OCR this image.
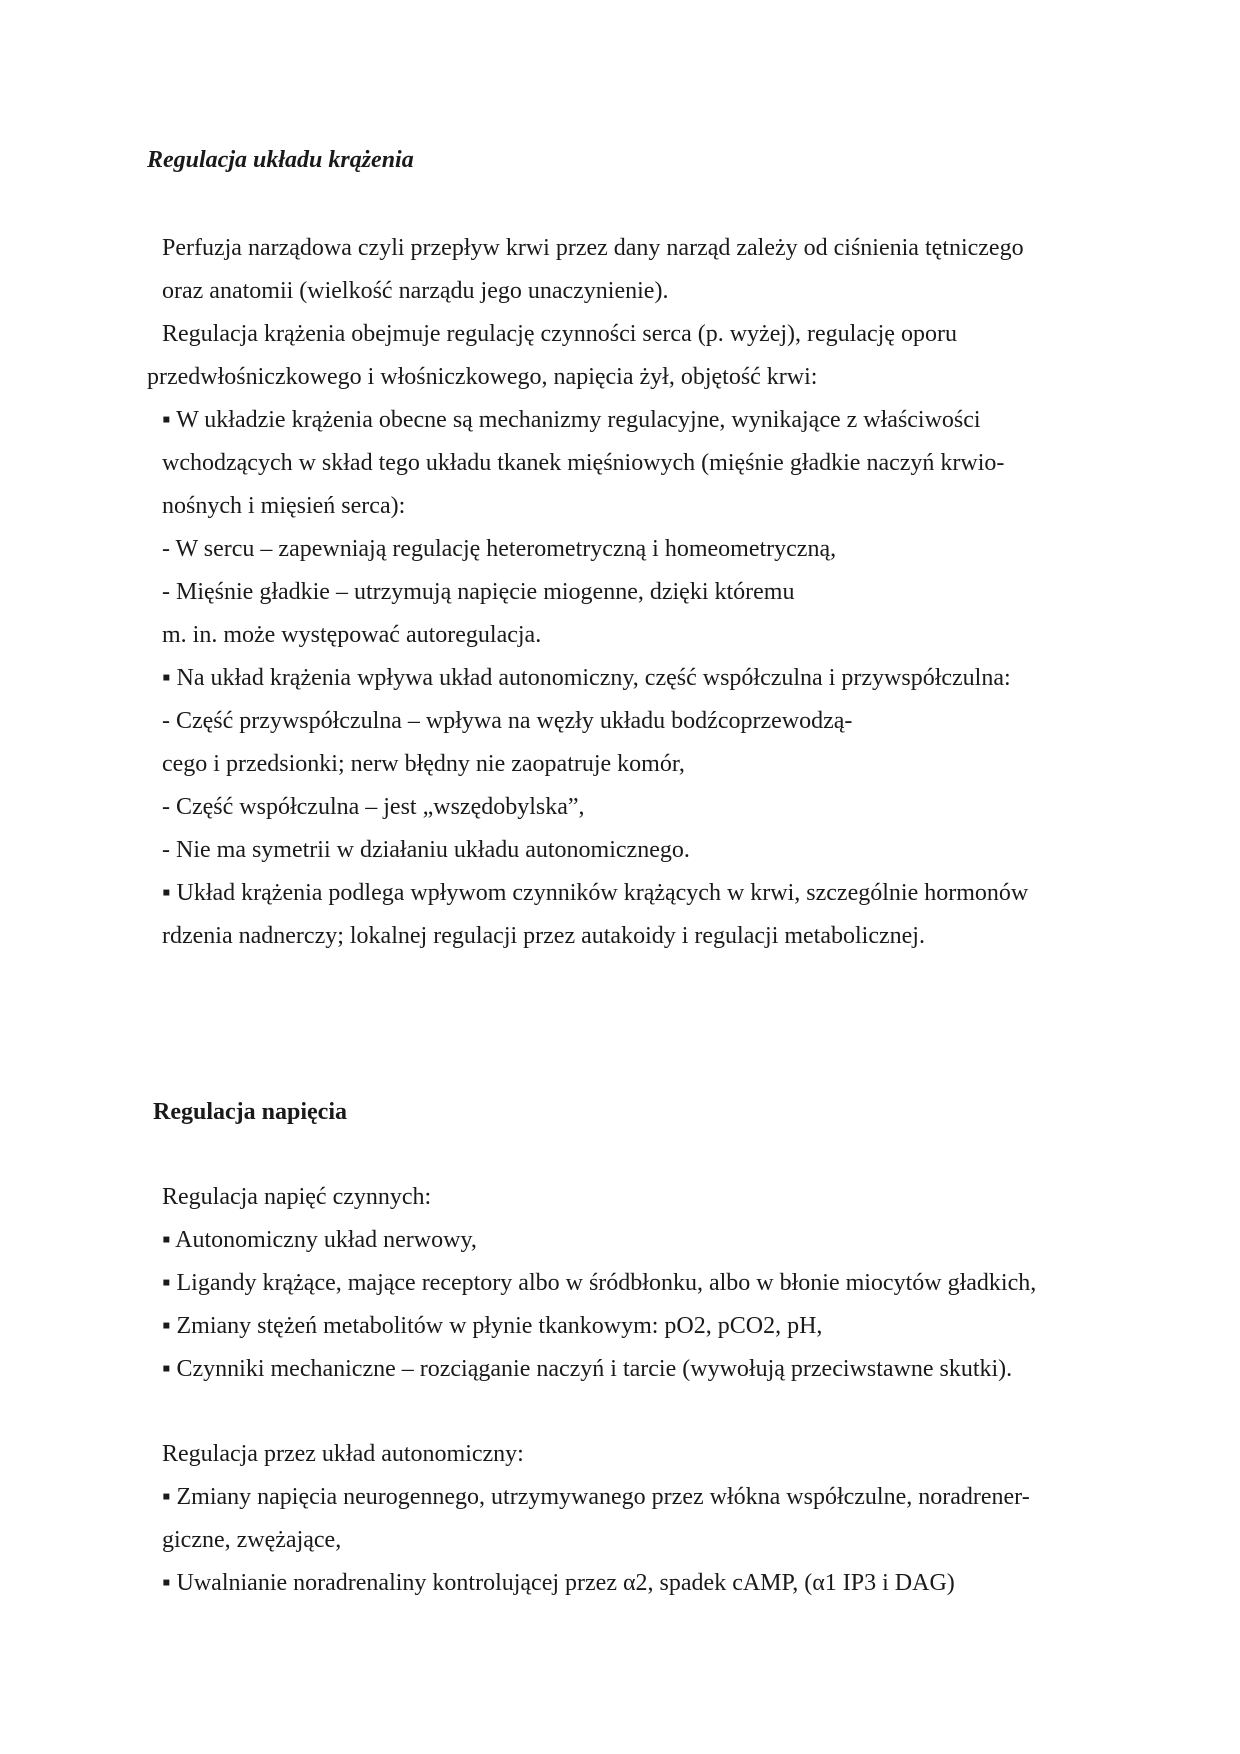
Regulacja układu krążenia
Perfuzja narządowa czyli przepływ krwi przez dany narząd zależy od ciśnienia tętniczego
oraz anatomii (wielkość narządu jego unaczynienie).
Regulacja krążenia obejmuje regulację czynności serca (p. wyżej), regulację oporu
przedwłośniczkowego i włośniczkowego, napięcia żył, objętość krwi:
▪ W układzie krążenia obecne są mechanizmy regulacyjne, wynikające z właściwości
wchodzących w skład tego układu tkanek mięśniowych (mięśnie gładkie naczyń krwio-
nośnych i mięsień serca):
- W sercu – zapewniają regulację heterometryczną i homeometryczną,
- Mięśnie gładkie – utrzymują napięcie miogenne, dzięki któremu
m. in. może występować autoregulacja.
▪ Na układ krążenia wpływa układ autonomiczny, część współczulna i przywspółczulna:
- Część przywspółczulna – wpływa na węzły układu bodźcoprzewodzą-
cego i przedsionki; nerw błędny nie zaopatruje komór,
- Część współczulna – jest „wszędobylska”,
- Nie ma symetrii w działaniu układu autonomicznego.
▪ Układ krążenia podlega wpływom czynników krążących w krwi, szczególnie hormonów
rdzenia nadnerczy; lokalnej regulacji przez autakoidy i regulacji metabolicznej.
Regulacja napięcia
Regulacja napięć czynnych:
▪ Autonomiczny układ nerwowy,
▪ Ligandy krążące, mające receptory albo w śródbłonku, albo w błonie miocytów gładkich,
▪ Zmiany stężeń metabolitów w płynie tkankowym: pO2, pCO2, pH,
▪ Czynniki mechaniczne – rozciąganie naczyń i tarcie (wywołują przeciwstawne skutki).
Regulacja przez układ autonomiczny:
▪ Zmiany napięcia neurogennego, utrzymywanego przez włókna współczulne, noradrener-
giczne, zwężające,
▪ Uwalnianie noradrenaliny kontrolującej przez α2, spadek cAMP, (α1 IP3 i DAG)
